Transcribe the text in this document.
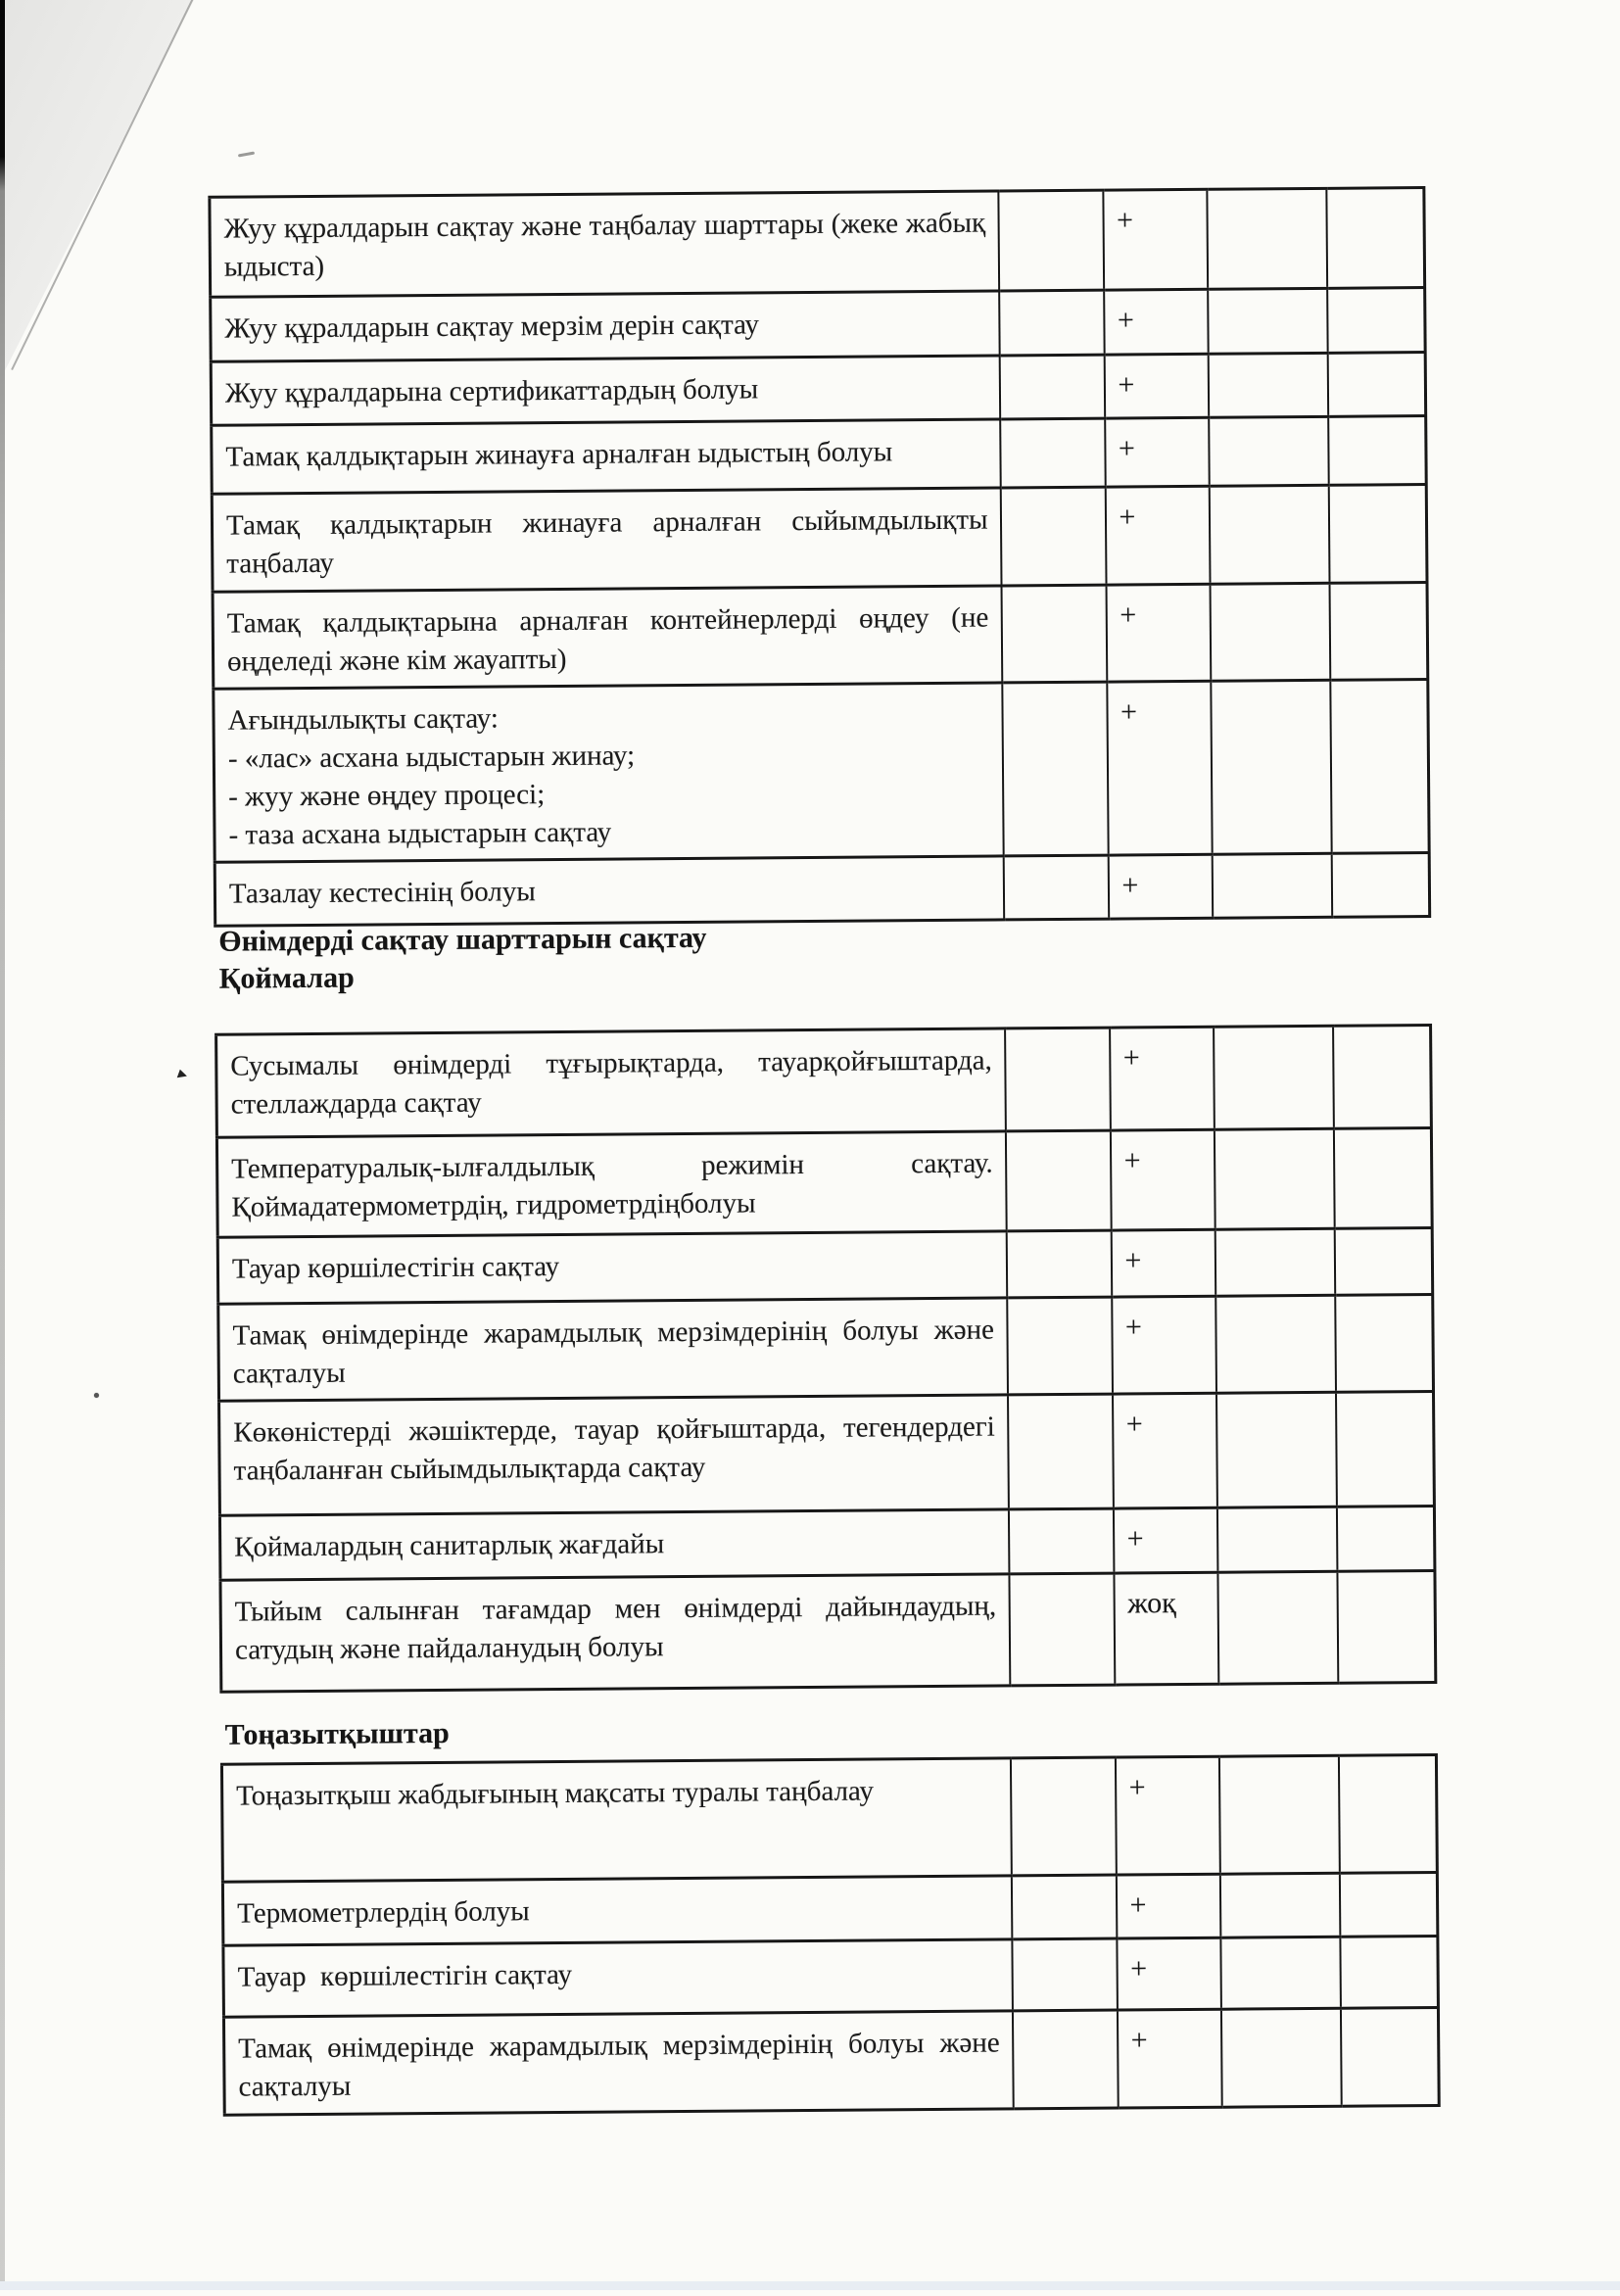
Жуу құралдарын сақтау және таңбалау шарттары (жеке жабық ыдыста)		+		
Жуу құралдарын сақтау мерзім дерін сақтау		+		
Жуу құралдарына сертификаттардың болуы		+		
Тамақ қалдықтарын жинауға арналған ыдыстың болуы		+		
Тамақ қалдықтарын жинауға арналған сыйымдылықты таңбалау		+		
Тамақ қалдықтарына арналған контейнерлерді өңдеу (не өңделеді және кім жауапты)		+		
Ағындылықты сақтау:
- «лас» асхана ыдыстарын жинау;
- жуу және өңдеу процесі;
- таза асхана ыдыстарын сақтау		+		
Тазалау кестесінің болуы		+		
Өнімдерді сақтау шарттарын сақтау
Қоймалар
Сусымалы өнімдерді тұғырықтарда, тауарқойғыштарда, стеллаждарда сақтау		+		
Температуралық-ылғалдылық режимін сақтау. Қоймадатермометрдің, гидрометрдіңболуы		+		
Тауар көршілестігін сақтау		+		
Тамақ өнімдерінде жарамдылық мерзімдерінің болуы және сақталуы		+		
Көкөністерді жәшіктерде, тауар қойғыштарда, тегендердегі таңбаланған сыйымдылықтарда сақтау		+		
Қоймалардың санитарлық жағдайы		+		
Тыйым салынған тағамдар мен өнімдерді дайындаудың, сатудың және пайдаланудың болуы		жоқ		
Тоңазытқыштар
Тоңазытқыш жабдығының мақсаты туралы таңбалау		+		
Термометрлердің болуы		+		
Тауар  көршілестігін сақтау		+		
Тамақ өнімдерінде жарамдылық мерзімдерінің болуы және сақталуы		+		
